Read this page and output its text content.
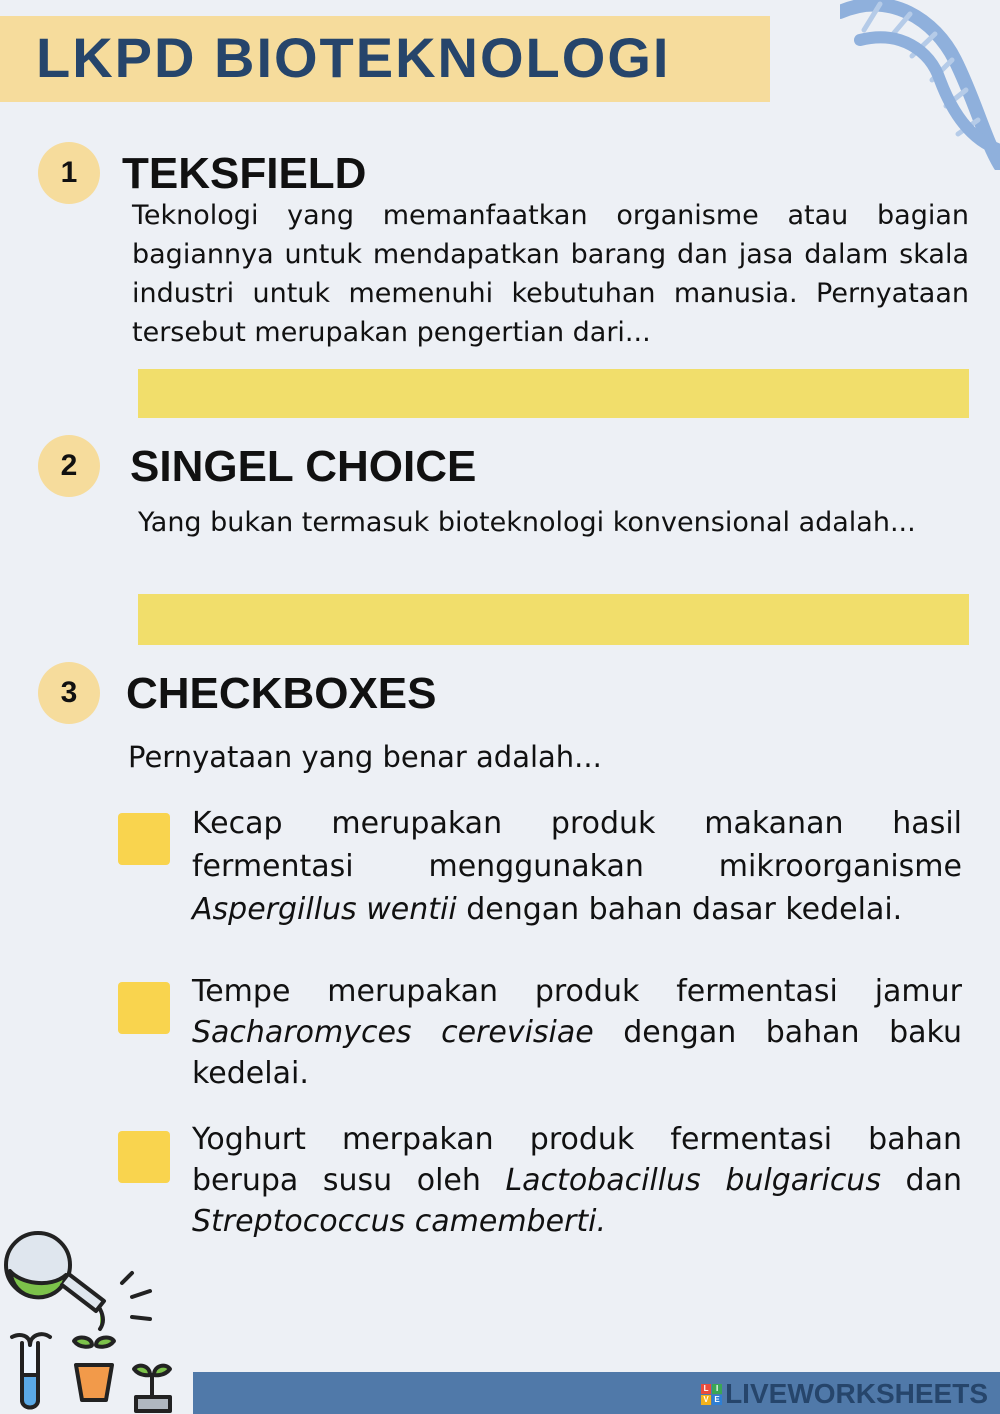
LKPD BIOTEKNOLOGI
1	TEKSFIELD
Teknologi yang memanfaatkan organisme atau bagian bagiannya untuk mendapatkan barang dan jasa dalam skala industri untuk memenuhi kebutuhan manusia. Pernyataan tersebut merupakan pengertian dari...
2	SINGEL CHOICE
Yang bukan termasuk bioteknologi konvensional adalah...
3	CHECKBOXES
Pernyataan yang benar adalah...
Kecap merupakan produk makanan hasil fermentasi menggunakan mikroorganisme Aspergillus wentii dengan bahan dasar kedelai.
Tempe merupakan produk fermentasi jamur Sacharomyces cerevisiae dengan bahan baku kedelai.
Yoghurt merpakan produk fermentasi bahan berupa susu oleh Lactobacillus bulgaricus dan Streptococcus camemberti.
L I
V E LIVEWORKSHEETS
